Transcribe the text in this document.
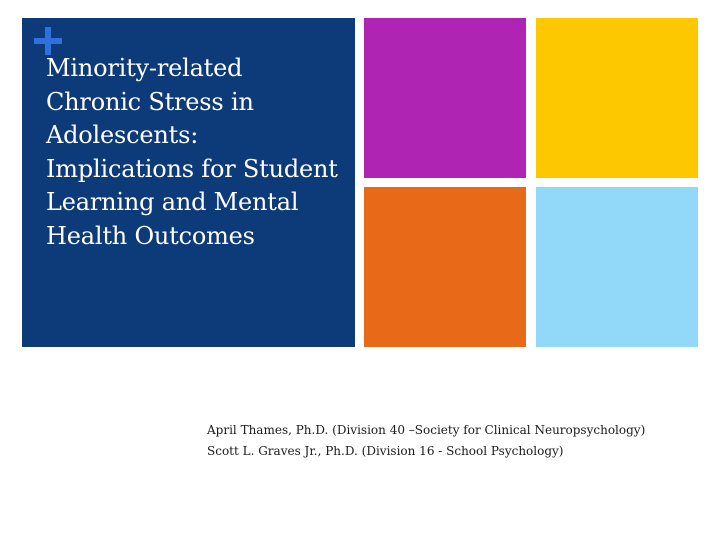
Minority-related
Chronic Stress in
Adolescents:
Implications for Student
Learning and Mental
Health Outcomes
April Thames, Ph.D. (Division 40 –Society for Clinical Neuropsychology)
Scott L. Graves Jr., Ph.D. (Division 16 - School Psychology)
